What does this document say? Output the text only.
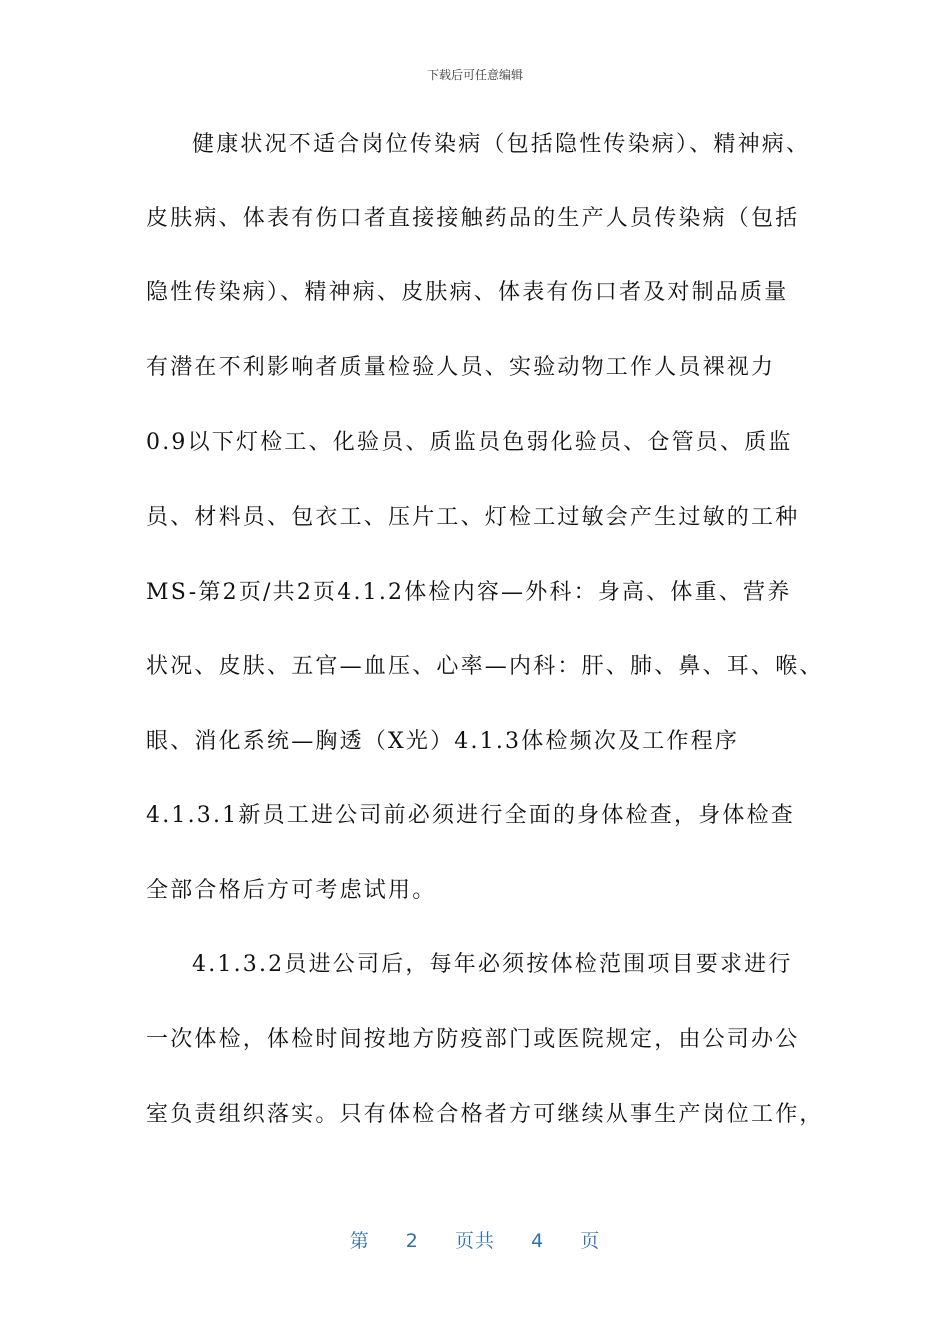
下载后可任意编辑
健康状况不适合岗位传染病（包括隐性传染病）、精神病、
皮肤病、体表有伤口者直接接触药品的生产人员传染病（包括
隐性传染病）、精神病、皮肤病、体表有伤口者及对制品质量
有潜在不利影响者质量检验人员、实验动物工作人员裸视力
0.9以下灯检工、化验员、质监员色弱化验员、仓管员、质监
员、材料员、包衣工、压片工、灯检工过敏会产生过敏的工种
MS-第2页/共2页4.1.2体检内容—外科：身高、体重、营养
状况、皮肤、五官—血压、心率—内科：肝、肺、鼻、耳、喉、
眼、消化系统—胸透（X光）4.1.3体检频次及工作程序
4.1.3.1新员工进公司前必须进行全面的身体检查，身体检查
全部合格后方可考虑试用。
4.1.3.2员进公司后，每年必须按体检范围项目要求进行
一次体检，体检时间按地方防疫部门或医院规定，由公司办公
室负责组织落实。只有体检合格者方可继续从事生产岗位工作，
第 2 页共 4 页
